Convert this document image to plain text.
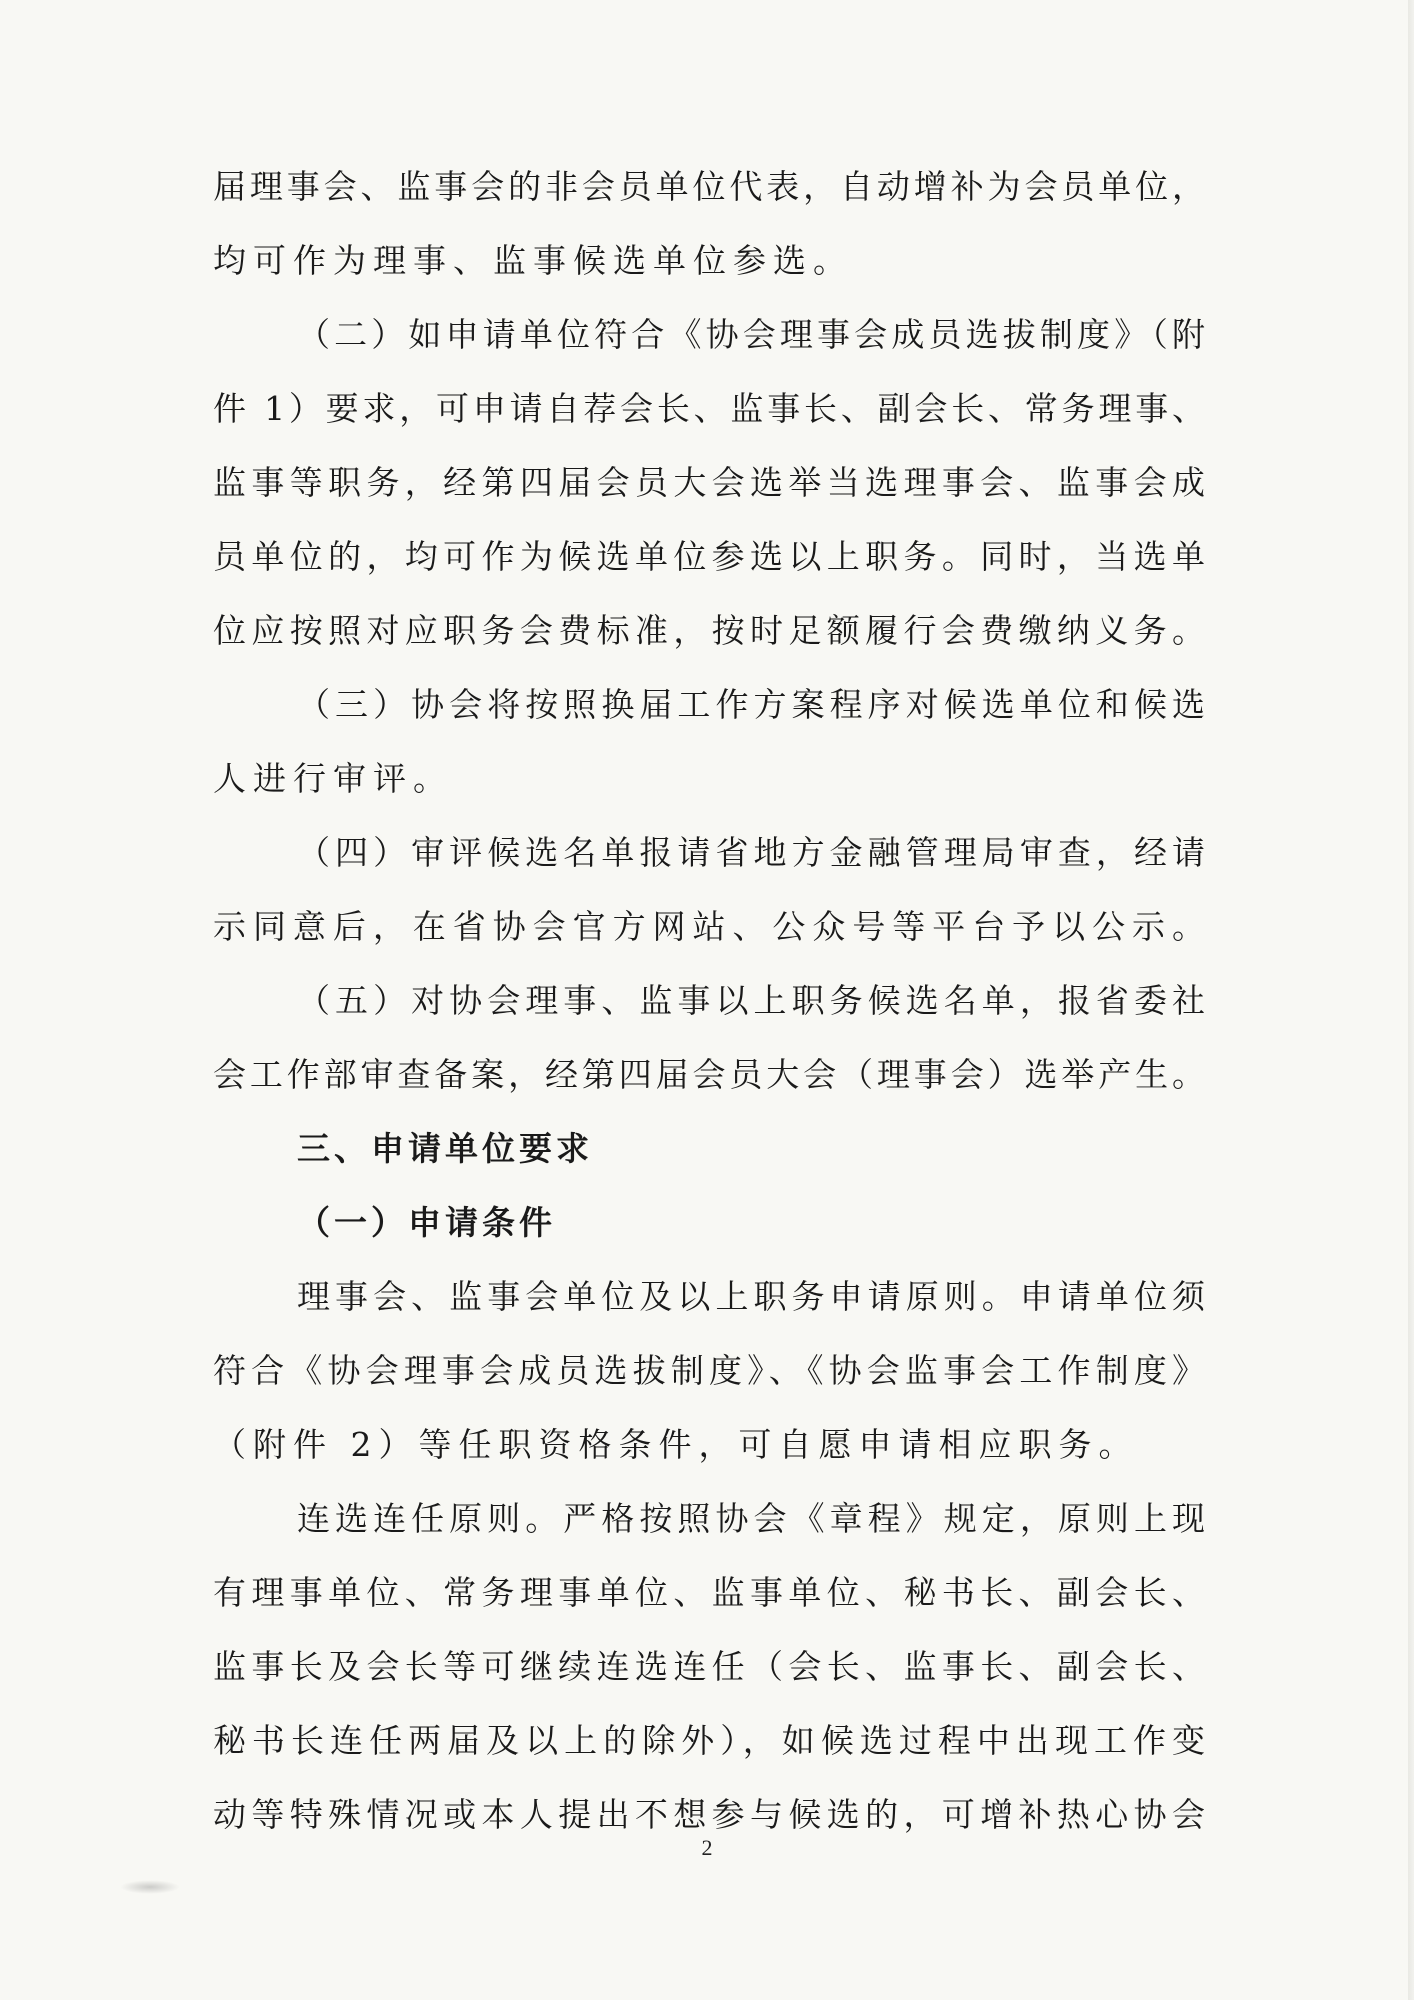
届理事会、监事会的非会员单位代表，自动增补为会员单位，
均可作为理事、监事候选单位参选。
（二）如申请单位符合《协会理事会成员选拔制度》（附
件 1）要求，可申请自荐会长、监事长、副会长、常务理事、
监事等职务，经第四届会员大会选举当选理事会、监事会成
员单位的，均可作为候选单位参选以上职务。同时，当选单
位应按照对应职务会费标准，按时足额履行会费缴纳义务。
（三）协会将按照换届工作方案程序对候选单位和候选
人进行审评。
（四）审评候选名单报请省地方金融管理局审查，经请
示同意后，在省协会官方网站、公众号等平台予以公示。
（五）对协会理事、监事以上职务候选名单，报省委社
会工作部审查备案，经第四届会员大会（理事会）选举产生。
三、申请单位要求
（一）申请条件
理事会、监事会单位及以上职务申请原则。申请单位须
符合《协会理事会成员选拔制度》、《协会监事会工作制度》
（附件 2）等任职资格条件，可自愿申请相应职务。
连选连任原则。严格按照协会《章程》规定，原则上现
有理事单位、常务理事单位、监事单位、秘书长、副会长、
监事长及会长等可继续连选连任（会长、监事长、副会长、
秘书长连任两届及以上的除外），如候选过程中出现工作变
动等特殊情况或本人提出不想参与候选的，可增补热心协会
2
